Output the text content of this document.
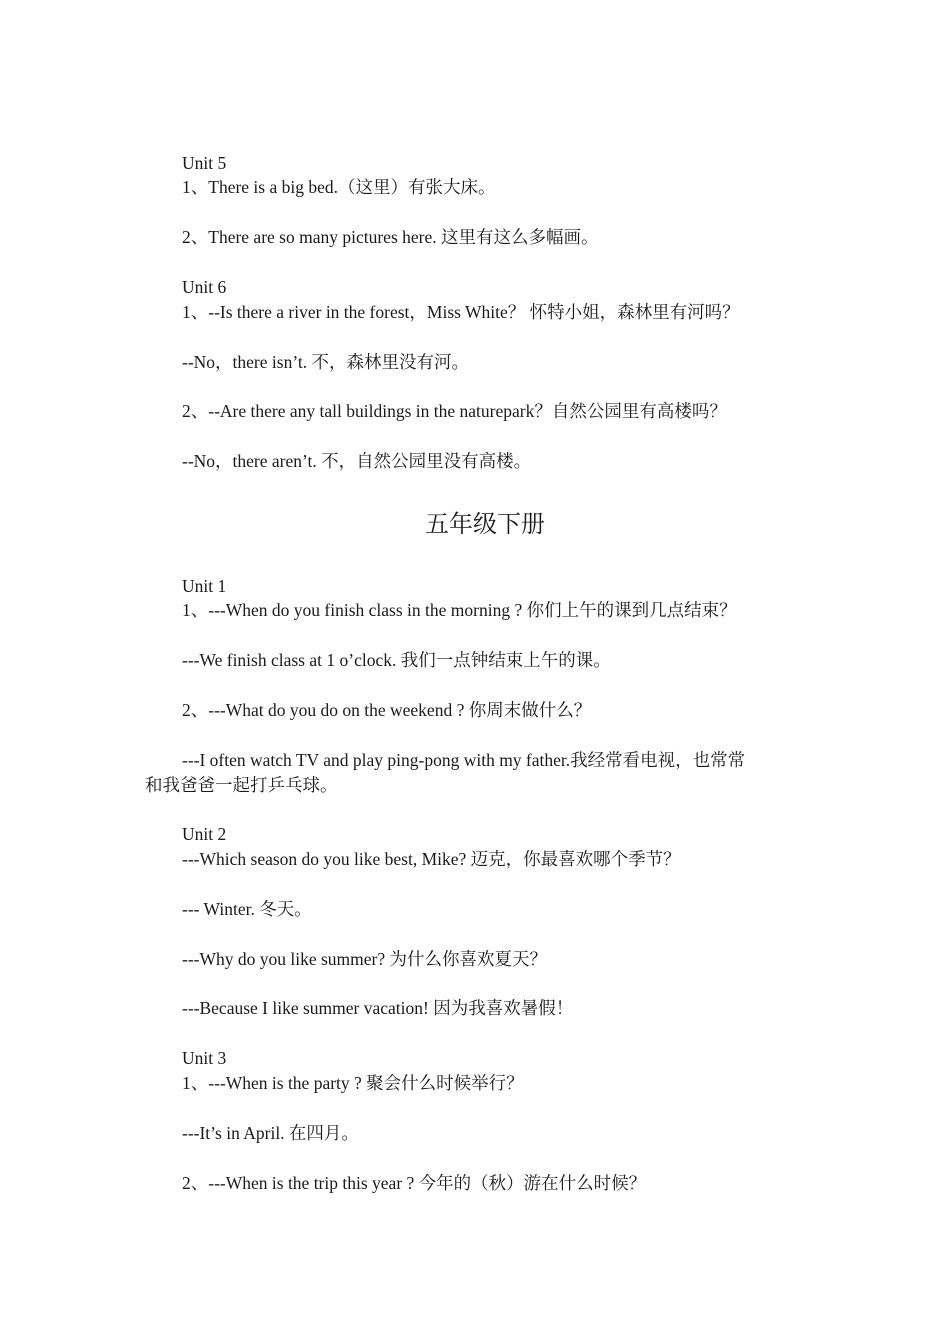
Unit 5

1、There is a big bed.（这里）有张大床。

2、There are so many pictures here. 这里有这么多幅画。

Unit 6

1、--Is there a river in the forest，Miss White？ 怀特小姐，森林里有河吗？

--No，there isn’t. 不，森林里没有河。

2、--Are there any tall buildings in the naturepark？自然公园里有高楼吗？

--No，there aren’t. 不，自然公园里没有高楼。

五年级下册

Unit 1

1、---When do you finish class in the morning ? 你们上午的课到几点结束？

---We finish class at 1 o’clock. 我们一点钟结束上午的课。

2、---What do you do on the weekend ? 你周末做什么？

---I often watch TV and play ping-pong with my father.我经常看电视，也常常

和我爸爸一起打乒乓球。

Unit 2

---Which season do you like best, Mike? 迈克，你最喜欢哪个季节？

--- Winter. 冬天。

---Why do you like summer? 为什么你喜欢夏天？

---Because I like summer vacation! 因为我喜欢暑假！

Unit 3

1、---When is the party ? 聚会什么时候举行？

---It’s in April. 在四月。

2、---When is the trip this year ? 今年的（秋）游在什么时候？
